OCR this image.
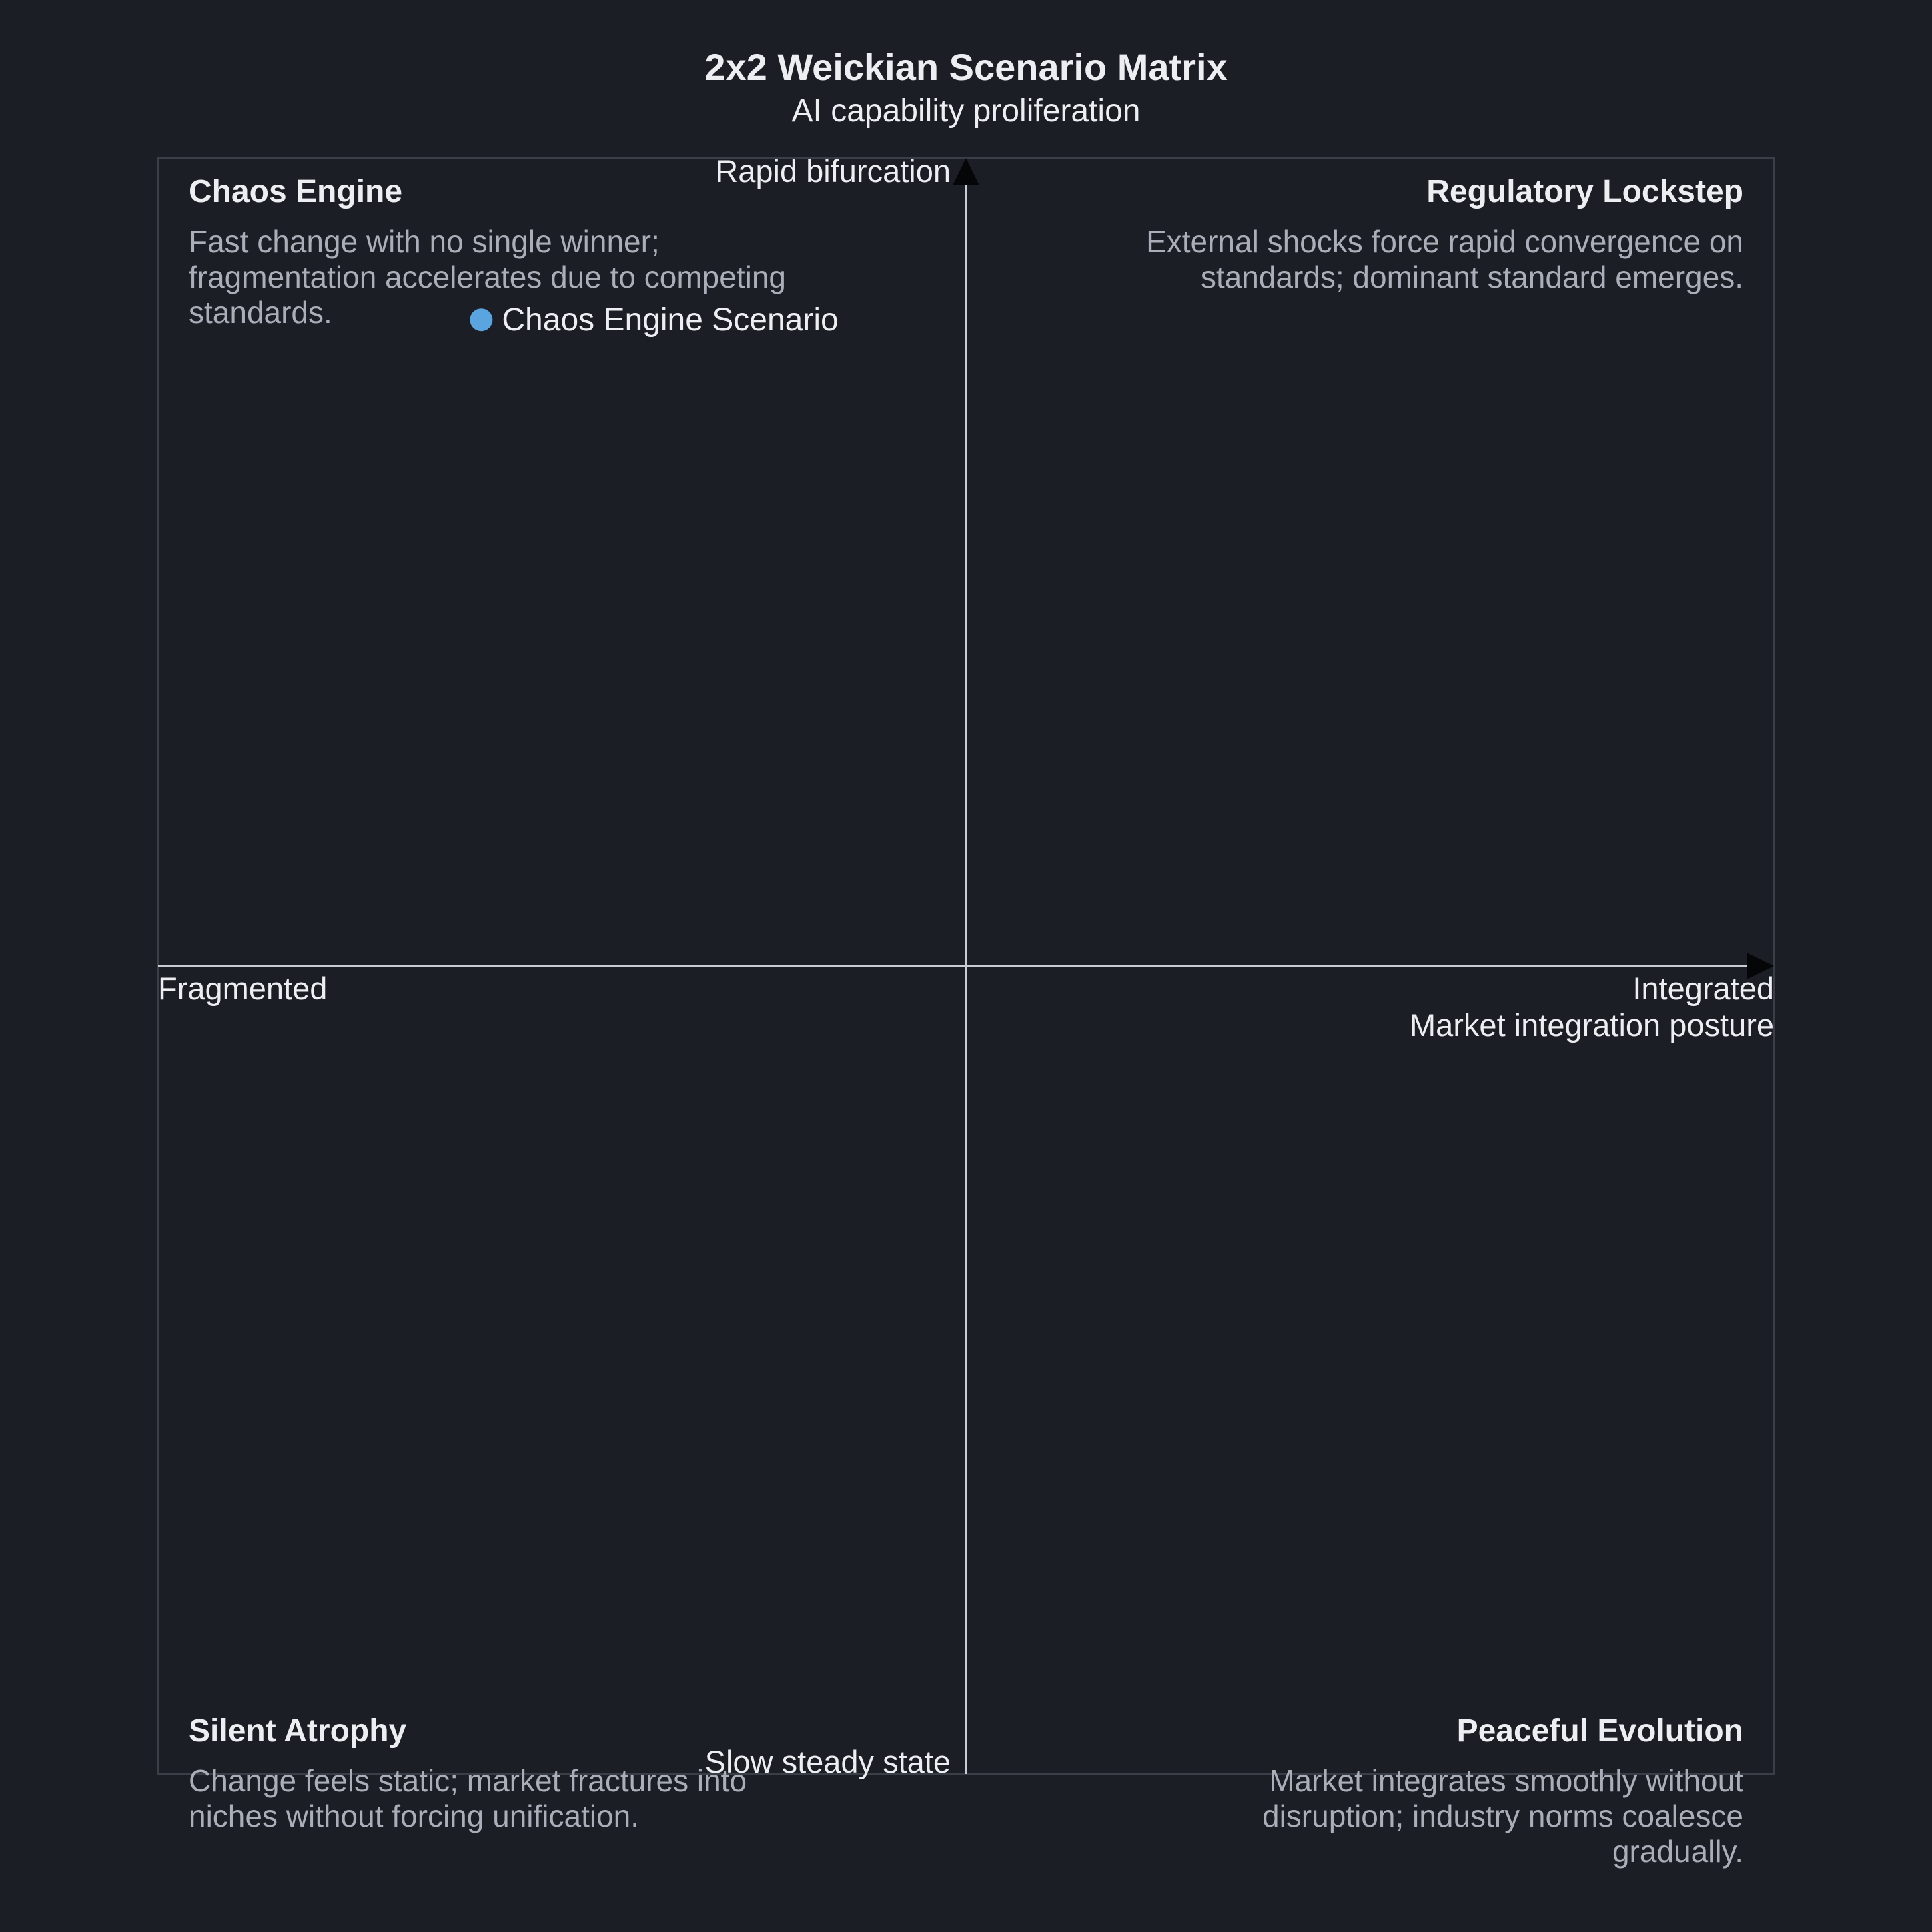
2x2 Weickian Scenario Matrix
AI capability proliferation
Chaos Engine
Fast change with no single winner; fragmentation accelerates due to competing standards.
Regulatory Lockstep
External shocks force rapid convergence on standards; dominant standard emerges.
Silent Atrophy
Change feels static; market fractures into niches without forcing unification.
Peaceful Evolution
Market integrates smoothly without disruption; industry norms coalesce gradually.
Fragmented	Integrated
Market integration posture
Rapid bifurcation
Slow steady state
Chaos Engine Scenario
